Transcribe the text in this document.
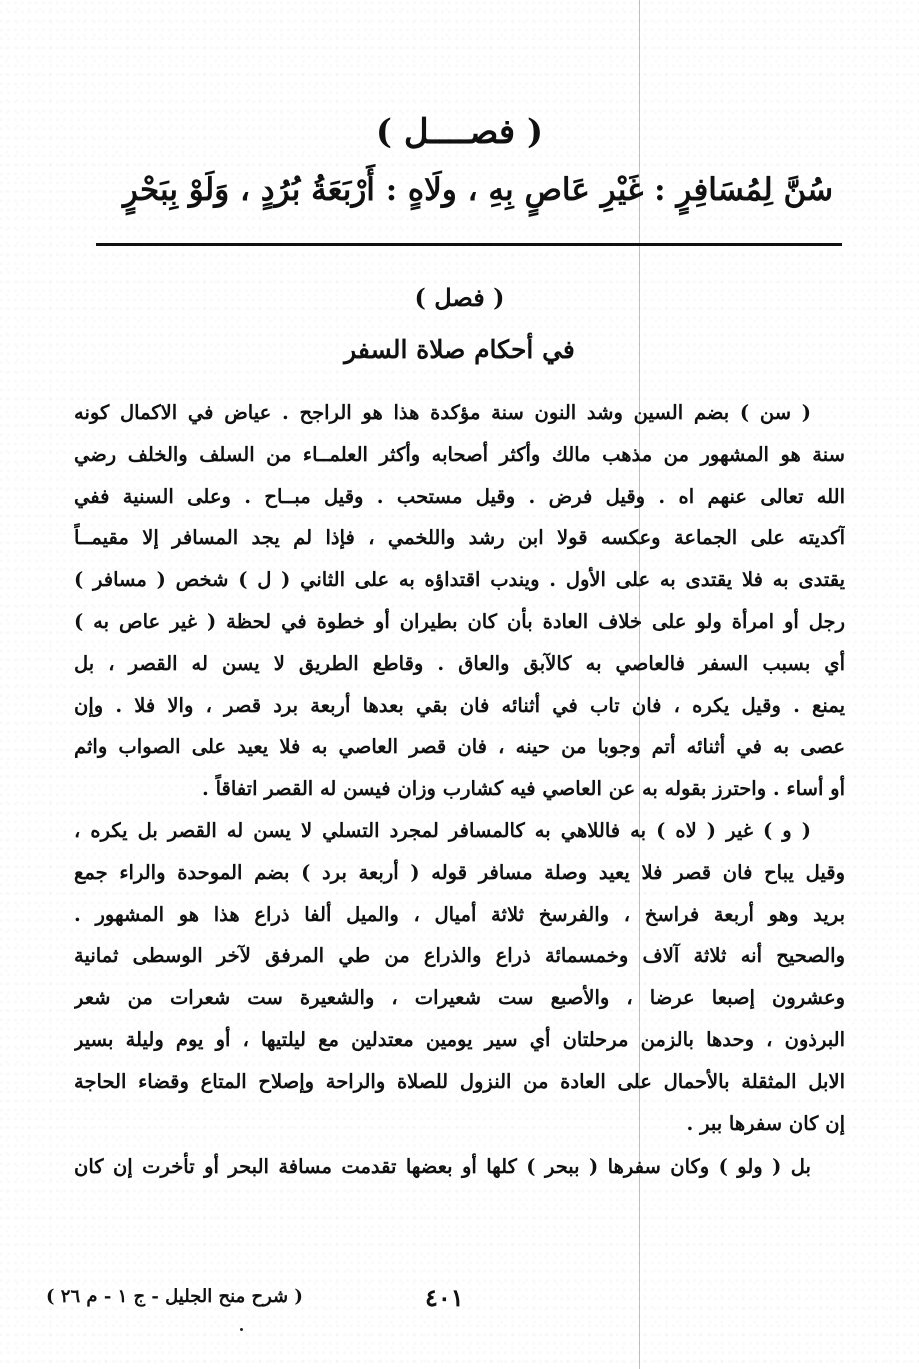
( فصــــل )
سُنَّ لِمُسَافِرٍ : غَيْرِ عَاصٍ بِهِ ، ولَاهٍ : أَرْبَعَةُ بُرُدٍ ، وَلَوْ بِبَحْرٍ
( فصل )
في أحكام صلاة السفر
( سن ) بضم السين وشد النون سنة مؤكدة هذا هو الراجح . عياض في الاكمال كونه
سنة هو المشهور من مذهب مالك وأكثر أصحابه وأكثر العلمــاء من السلف والخلف رضي
الله تعالى عنهم اه . وقيل فرض . وقيل مستحب . وقيل مبــاح . وعلى السنية ففي
آكديته على الجماعة وعكسه قولا ابن رشد واللخمي ، فإذا لم يجد المسافر إلا مقيمــاً
يقتدى به فلا يقتدى به على الأول . ويندب اقتداؤه به على الثاني ( ل ) شخص ( مسافر )
رجل أو امرأة ولو على خلاف العادة بأن كان بطيران أو خطوة في لحظة ( غير عاص به )
أي بسبب السفر فالعاصي به كالآبق والعاق . وقاطع الطريق لا يسن له القصر ، بل
يمنع . وقيل يكره ، فان تاب في أثنائه فان بقي بعدها أربعة برد قصر ، والا فلا . وإن
عصى به في أثنائه أتم وجوبا من حينه ، فان قصر العاصي به فلا يعيد على الصواب واثم
أو أساء . واحترز بقوله به عن العاصي فيه كشارب وزان فيسن له القصر اتفاقاً .
( و ) غير ( لاه ) به فاللاهي به كالمسافر لمجرد التسلي لا يسن له القصر بل يكره ،
وقيل يباح فان قصر فلا يعيد وصلة مسافر قوله ( أربعة برد ) بضم الموحدة والراء جمع
بريد وهو أربعة فراسخ ، والفرسخ ثلاثة أميال ، والميل ألفا ذراع هذا هو المشهور .
والصحيح أنه ثلاثة آلاف وخمسمائة ذراع والذراع من طي المرفق لآخر الوسطى ثمانية
وعشرون إصبعا عرضا ، والأصبع ست شعيرات ، والشعيرة ست شعرات من شعر
البرذون ، وحدها بالزمن مرحلتان أي سير يومين معتدلين مع ليلتيها ، أو يوم وليلة بسير
الابل المثقلة بالأحمال على العادة من النزول للصلاة والراحة وإصلاح المتاع وقضاء الحاجة
إن كان سفرها ببر .
بل ( ولو ) وكان سفرها ( ببحر ) كلها أو بعضها تقدمت مسافة البحر أو تأخرت إن كان
٤٠١
( شرح منح الجليل - ج ١ - م ٢٦ )
